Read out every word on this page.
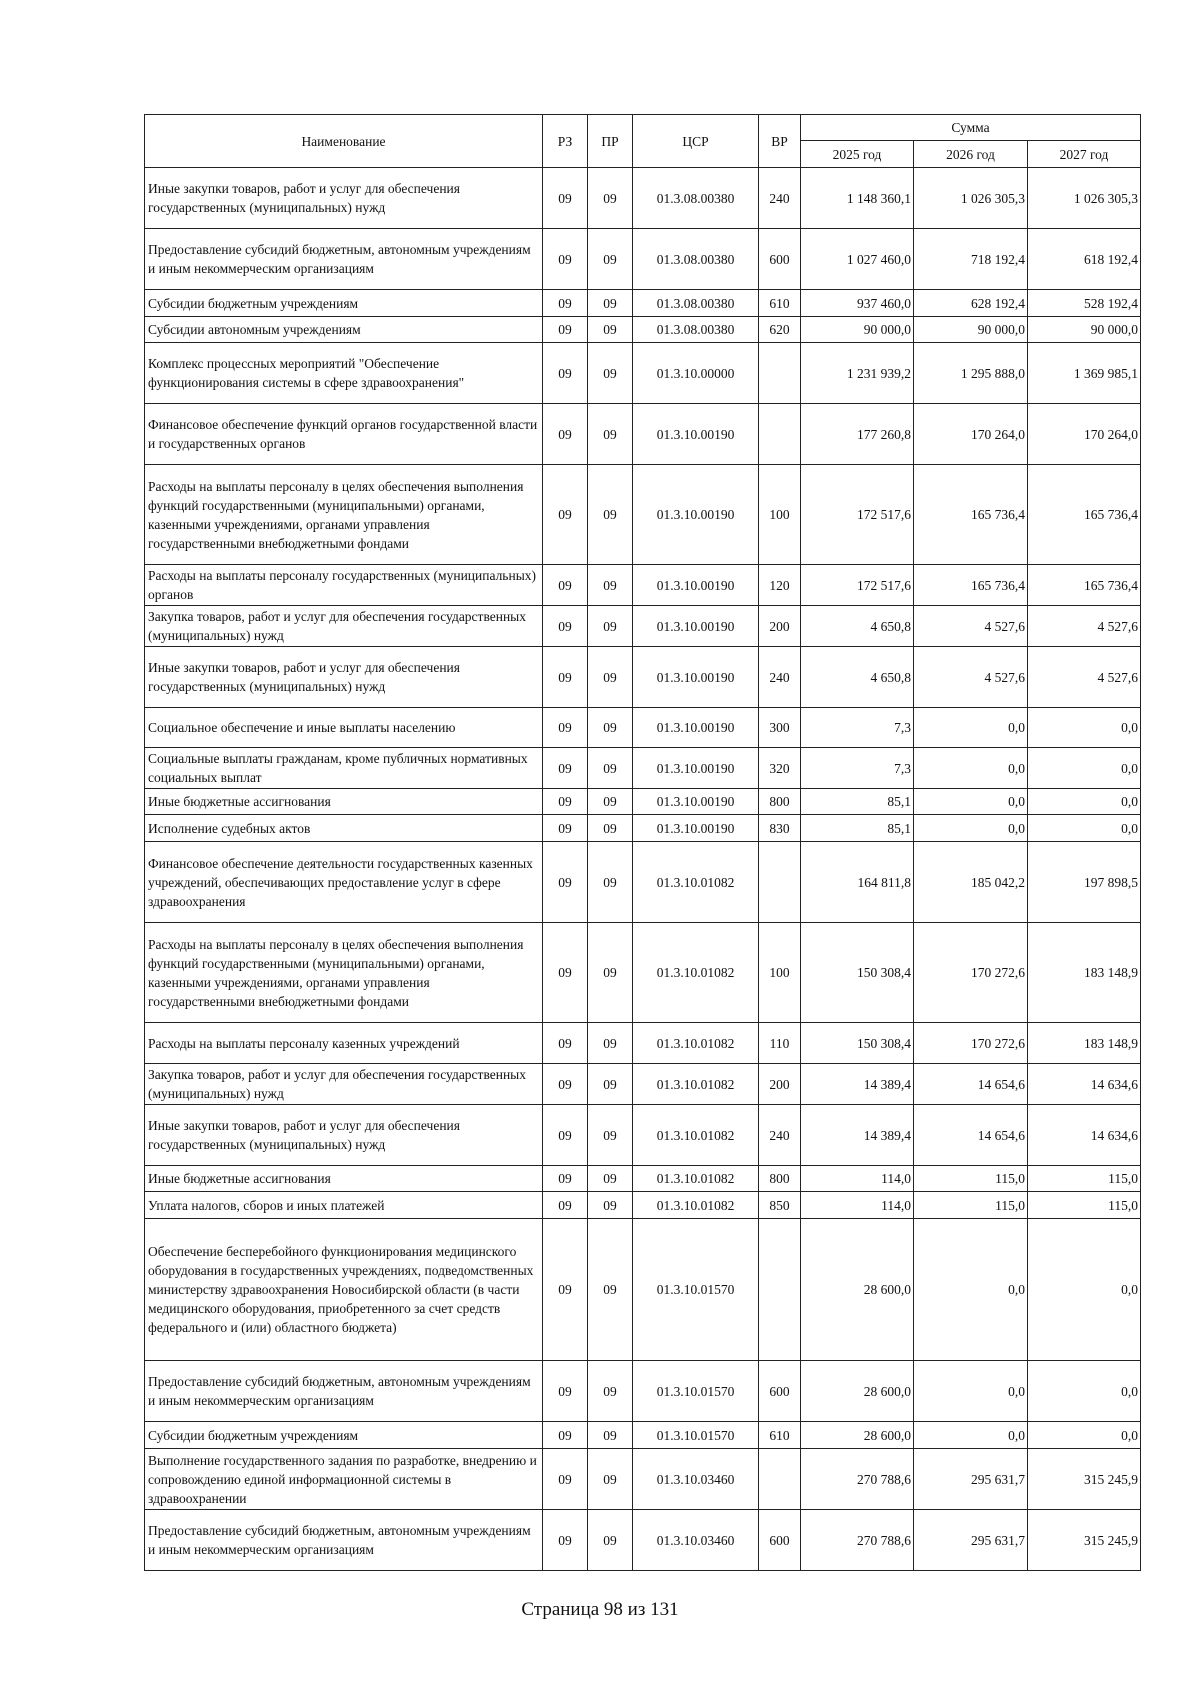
Наименование	РЗ	ПР	ЦСР	ВР	Сумма		
					2025 год	2026 год	2027 год
Иные закупки товаров, работ и услуг для обеспечения государственных (муниципальных) нужд	09	09	01.3.08.00380	240	1 148 360,1	1 026 305,3	1 026 305,3
Предоставление субсидий бюджетным, автономным учреждениям и иным некоммерческим организациям	09	09	01.3.08.00380	600	1 027 460,0	718 192,4	618 192,4
Субсидии бюджетным учреждениям	09	09	01.3.08.00380	610	937 460,0	628 192,4	528 192,4
Субсидии автономным учреждениям	09	09	01.3.08.00380	620	90 000,0	90 000,0	90 000,0
Комплекс процессных мероприятий "Обеспечение функционирования системы в сфере здравоохранения"	09	09	01.3.10.00000		1 231 939,2	1 295 888,0	1 369 985,1
Финансовое обеспечение функций органов государственной власти и государственных органов	09	09	01.3.10.00190		177 260,8	170 264,0	170 264,0
Расходы на выплаты персоналу в целях обеспечения выполнения функций государственными (муниципальными) органами, казенными учреждениями, органами управления государственными внебюджетными фондами	09	09	01.3.10.00190	100	172 517,6	165 736,4	165 736,4
Расходы на выплаты персоналу государственных (муниципальных) органов	09	09	01.3.10.00190	120	172 517,6	165 736,4	165 736,4
Закупка товаров, работ и услуг для обеспечения государственных (муниципальных) нужд	09	09	01.3.10.00190	200	4 650,8	4 527,6	4 527,6
Иные закупки товаров, работ и услуг для обеспечения государственных (муниципальных) нужд	09	09	01.3.10.00190	240	4 650,8	4 527,6	4 527,6
Социальное обеспечение и иные выплаты населению	09	09	01.3.10.00190	300	7,3	0,0	0,0
Социальные выплаты гражданам, кроме публичных нормативных социальных выплат	09	09	01.3.10.00190	320	7,3	0,0	0,0
Иные бюджетные ассигнования	09	09	01.3.10.00190	800	85,1	0,0	0,0
Исполнение судебных актов	09	09	01.3.10.00190	830	85,1	0,0	0,0
Финансовое обеспечение деятельности государственных казенных учреждений, обеспечивающих предоставление услуг в сфере здравоохранения	09	09	01.3.10.01082		164 811,8	185 042,2	197 898,5
Расходы на выплаты персоналу в целях обеспечения выполнения функций государственными (муниципальными) органами, казенными учреждениями, органами управления государственными внебюджетными фондами	09	09	01.3.10.01082	100	150 308,4	170 272,6	183 148,9
Расходы на выплаты персоналу казенных учреждений	09	09	01.3.10.01082	110	150 308,4	170 272,6	183 148,9
Закупка товаров, работ и услуг для обеспечения государственных (муниципальных) нужд	09	09	01.3.10.01082	200	14 389,4	14 654,6	14 634,6
Иные закупки товаров, работ и услуг для обеспечения государственных (муниципальных) нужд	09	09	01.3.10.01082	240	14 389,4	14 654,6	14 634,6
Иные бюджетные ассигнования	09	09	01.3.10.01082	800	114,0	115,0	115,0
Уплата налогов, сборов и иных платежей	09	09	01.3.10.01082	850	114,0	115,0	115,0
Обеспечение бесперебойного функционирования медицинского оборудования в государственных учреждениях, подведомственных министерству здравоохранения Новосибирской области (в части медицинского оборудования, приобретенного за счет средств федерального и (или) областного бюджета)	09	09	01.3.10.01570		28 600,0	0,0	0,0
Предоставление субсидий бюджетным, автономным учреждениям и иным некоммерческим организациям	09	09	01.3.10.01570	600	28 600,0	0,0	0,0
Субсидии бюджетным учреждениям	09	09	01.3.10.01570	610	28 600,0	0,0	0,0
Выполнение государственного задания по разработке, внедрению и сопровождению единой информационной системы в здравоохранении	09	09	01.3.10.03460		270 788,6	295 631,7	315 245,9
Предоставление субсидий бюджетным, автономным учреждениям и иным некоммерческим организациям	09	09	01.3.10.03460	600	270 788,6	295 631,7	315 245,9
Страница 98 из 131
